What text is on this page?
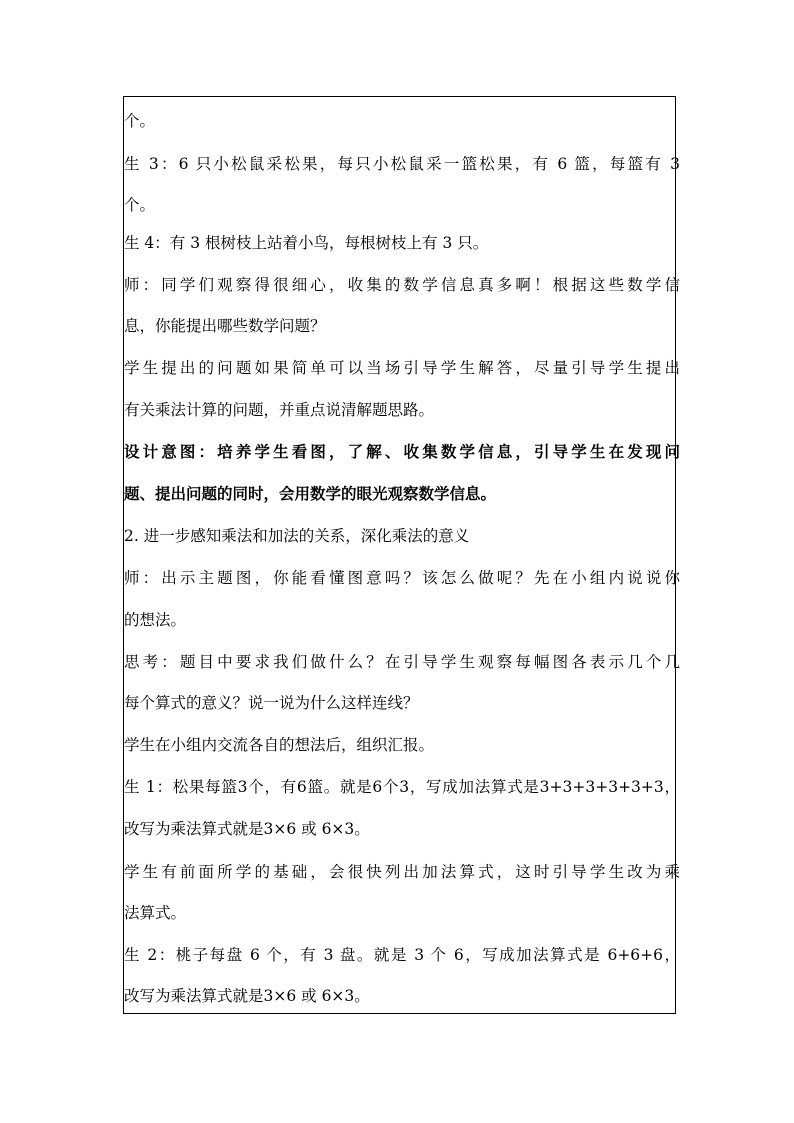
个。
生 3：6 只小松鼠采松果，每只小松鼠采一篮松果，有 6 篮，每篮有 3
个。
生 4：有 3 根树枝上站着小鸟，每根树枝上有 3 只。
师：同学们观察得很细心，收集的数学信息真多啊！根据这些数学信
息，你能提出哪些数学问题？
学生提出的问题如果简单可以当场引导学生解答，尽量引导学生提出
有关乘法计算的问题，并重点说清解题思路。
设计意图：培养学生看图，了解、收集数学信息，引导学生在发现问
题、提出问题的同时，会用数学的眼光观察数学信息。
2. 进一步感知乘法和加法的关系，深化乘法的意义
师：出示主题图，你能看懂图意吗？该怎么做呢？先在小组内说说你
的想法。
思考：题目中要求我们做什么？在引导学生观察每幅图各表示几个几
每个算式的意义？说一说为什么这样连线？
学生在小组内交流各自的想法后，组织汇报。
生 1：松果每篮3个，有6篮。就是6个3，写成加法算式是3+3+3+3+3+3，
改写为乘法算式就是3×6 或 6×3。
学生有前面所学的基础，会很快列出加法算式，这时引导学生改为乘
法算式。
生 2：桃子每盘 6 个，有 3 盘。就是 3 个 6，写成加法算式是 6+6+6，
改写为乘法算式就是3×6 或 6×3。
